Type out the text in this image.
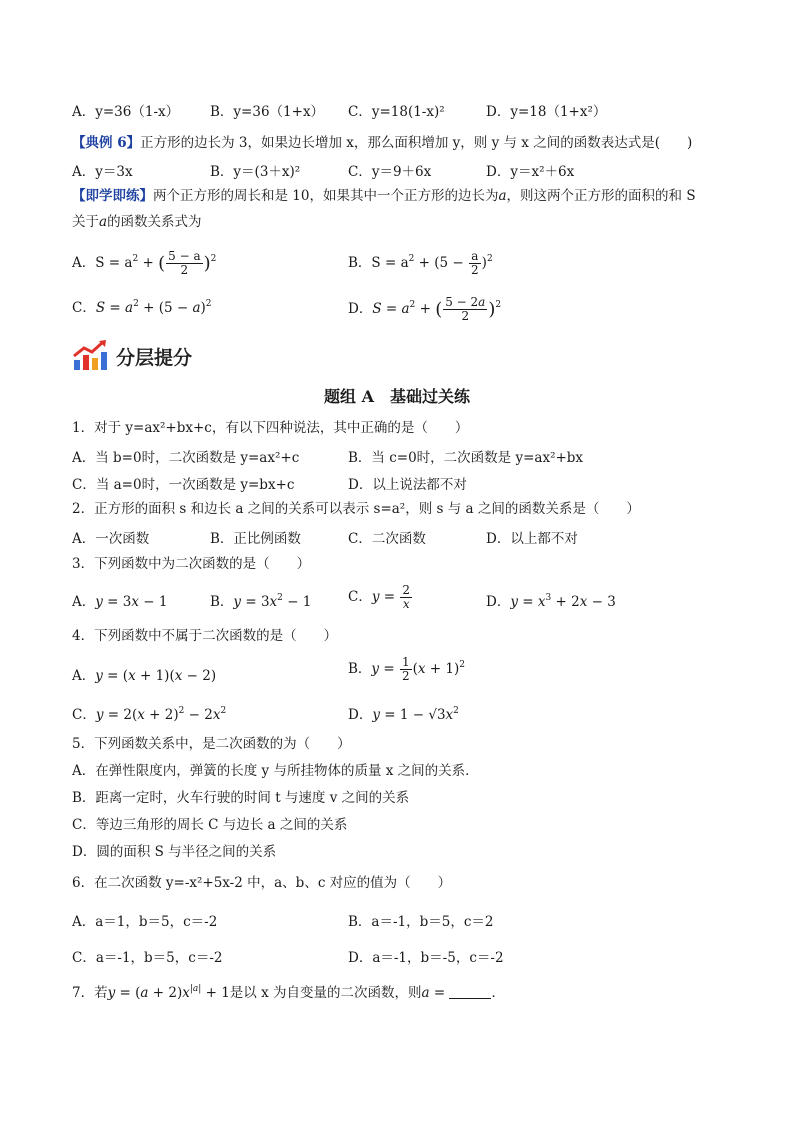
A．y=36（1-x） B．y=36（1+x） C．y=18(1-x)²	D．y=18（1+x²）
【典例 6】正方形的边长为 3，如果边长增加 x，那么面积增加 y，则 y 与 x 之间的函数表达式是(　　)
A．y＝3x	B．y＝(3＋x)²	C．y＝9＋6x	D．y＝x²＋6x
【即学即练】两个正方形的周长和是 10，如果其中一个正方形的边长为a，则这两个正方形的面积的和 S
关于a的函数关系式为
A．$S = a^2$ + ( $\frac{5 - a}{2} )^2$	B．$S = a^2 + (5 - \frac{a}{2} )^2$
C．$S = a^2 + (5 - a)^2$	D．$S = a^2$ + ( $\frac{5 - 2a}{2} )^2$
分层提分
题组 A　基础过关练
1．对于 y=ax²+bx+c，有以下四种说法，其中正确的是（　　）
A．当 b=0时，二次函数是 y=ax²+c	B．当 c=0时，二次函数是 y=ax²+bx
C．当 a=0时，一次函数是 y=bx+c	D．以上说法都不对
2．正方形的面积 s 和边长 a 之间的关系可以表示 s=a²，则 s 与 a 之间的函数关系是（　　）
A．一次函数	B．正比例函数	C．二次函数	D．以上都不对
3．下列函数中为二次函数的是（　　）
A．y = 3x − 1	B．$y = 3x^2 - 1$	C．$y = \frac{2}{x}$	D．$y = x^3 + 2x - 3$
4．下列函数中不属于二次函数的是（　　）
A．y = (x + 1)(x − 2)	B．$y = \frac{1}{2} (x + 1)^2$
C．$y = 2(x + 2)^2 - 2x^2$	D．$y = 1 - √3x^2$
5．下列函数关系中，是二次函数的为（　　）
A．在弹性限度内，弹簧的长度 y 与所挂物体的质量 x 之间的关系．
B．距离一定时，火车行驶的时间 t 与速度 v 之间的关系
C．等边三角形的周长 C 与边长 a 之间的关系
D．圆的面积 S 与半径之间的关系
6．在二次函数 y=-x²+5x-2 中，a、b、c 对应的值为（　　）
A．a＝1，b＝5，c＝-2	B．a＝-1，b＝5，c＝2
C．a＝-1，b＝5，c＝-2	D．a＝-1，b＝-5，c＝-2
7．若$y = (a + 2)x^{|a|} + 1$是以 x 为自变量的二次函数，则a =	．
